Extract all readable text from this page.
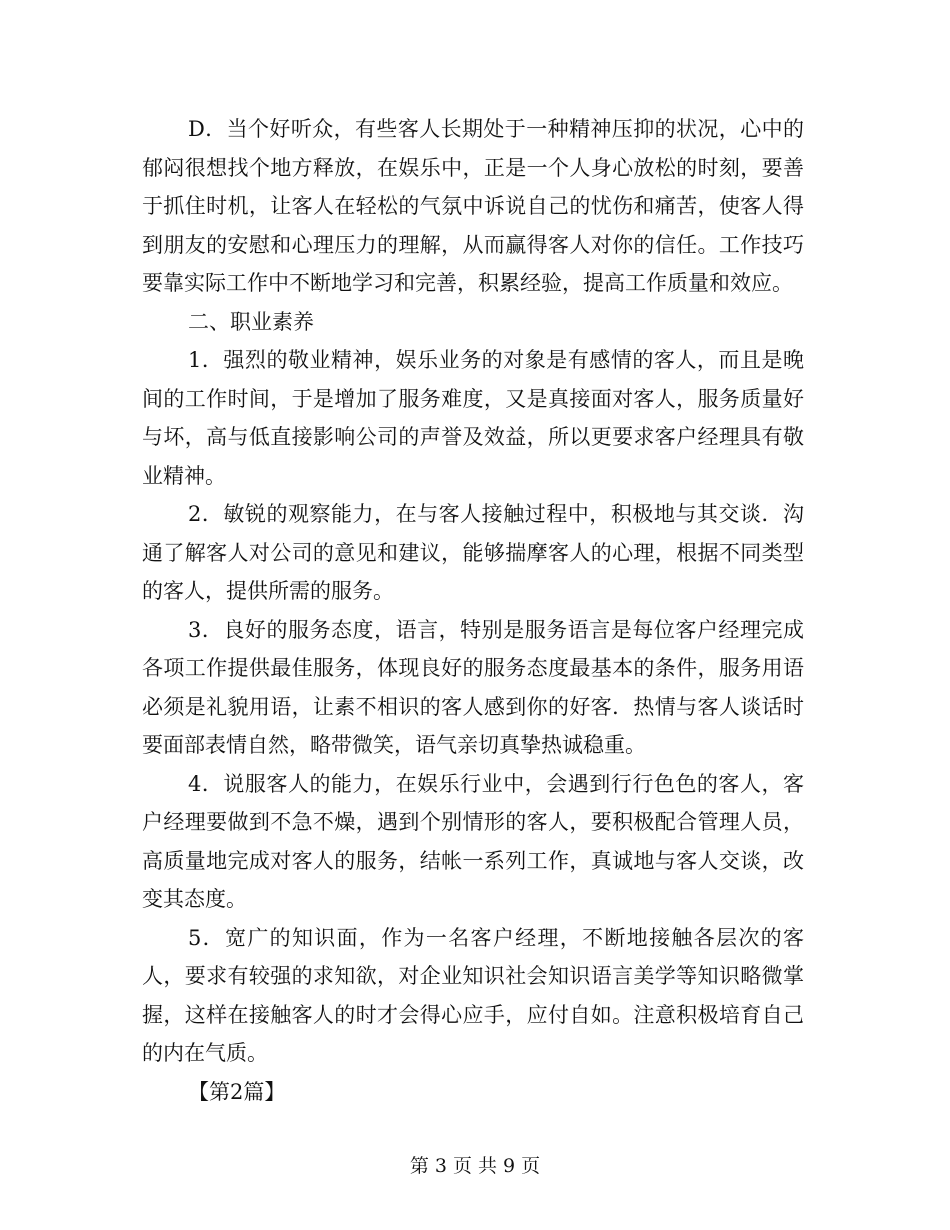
D．当个好听众，有些客人长期处于一种精神压抑的状况，心中的郁闷很想找个地方释放，在娱乐中，正是一个人身心放松的时刻，要善于抓住时机，让客人在轻松的气氛中诉说自己的忧伤和痛苦，使客人得到朋友的安慰和心理压力的理解，从而赢得客人对你的信任。工作技巧要靠实际工作中不断地学习和完善，积累经验，提高工作质量和效应。

二、职业素养

1．强烈的敬业精神，娱乐业务的对象是有感情的客人，而且是晚间的工作时间，于是增加了服务难度，又是真接面对客人，服务质量好与坏，高与低直接影响公司的声誉及效益，所以更要求客户经理具有敬业精神。

2．敏锐的观察能力，在与客人接触过程中，积极地与其交谈．沟通了解客人对公司的意见和建议，能够揣摩客人的心理，根据不同类型的客人，提供所需的服务。

3．良好的服务态度，语言，特别是服务语言是每位客户经理完成各项工作提供最佳服务，体现良好的服务态度最基本的条件，服务用语必须是礼貌用语，让素不相识的客人感到你的好客．热情与客人谈话时要面部表情自然，略带微笑，语气亲切真挚热诚稳重。

4．说服客人的能力，在娱乐行业中，会遇到行行色色的客人，客户经理要做到不急不燥，遇到个别情形的客人，要积极配合管理人员，高质量地完成对客人的服务，结帐一系列工作，真诚地与客人交谈，改变其态度。

5．宽广的知识面，作为一名客户经理，不断地接触各层次的客人，要求有较强的求知欲，对企业知识社会知识语言美学等知识略微掌握，这样在接触客人的时才会得心应手，应付自如。注意积极培育自己的内在气质。

【第2篇】

第 3 页 共 9 页
